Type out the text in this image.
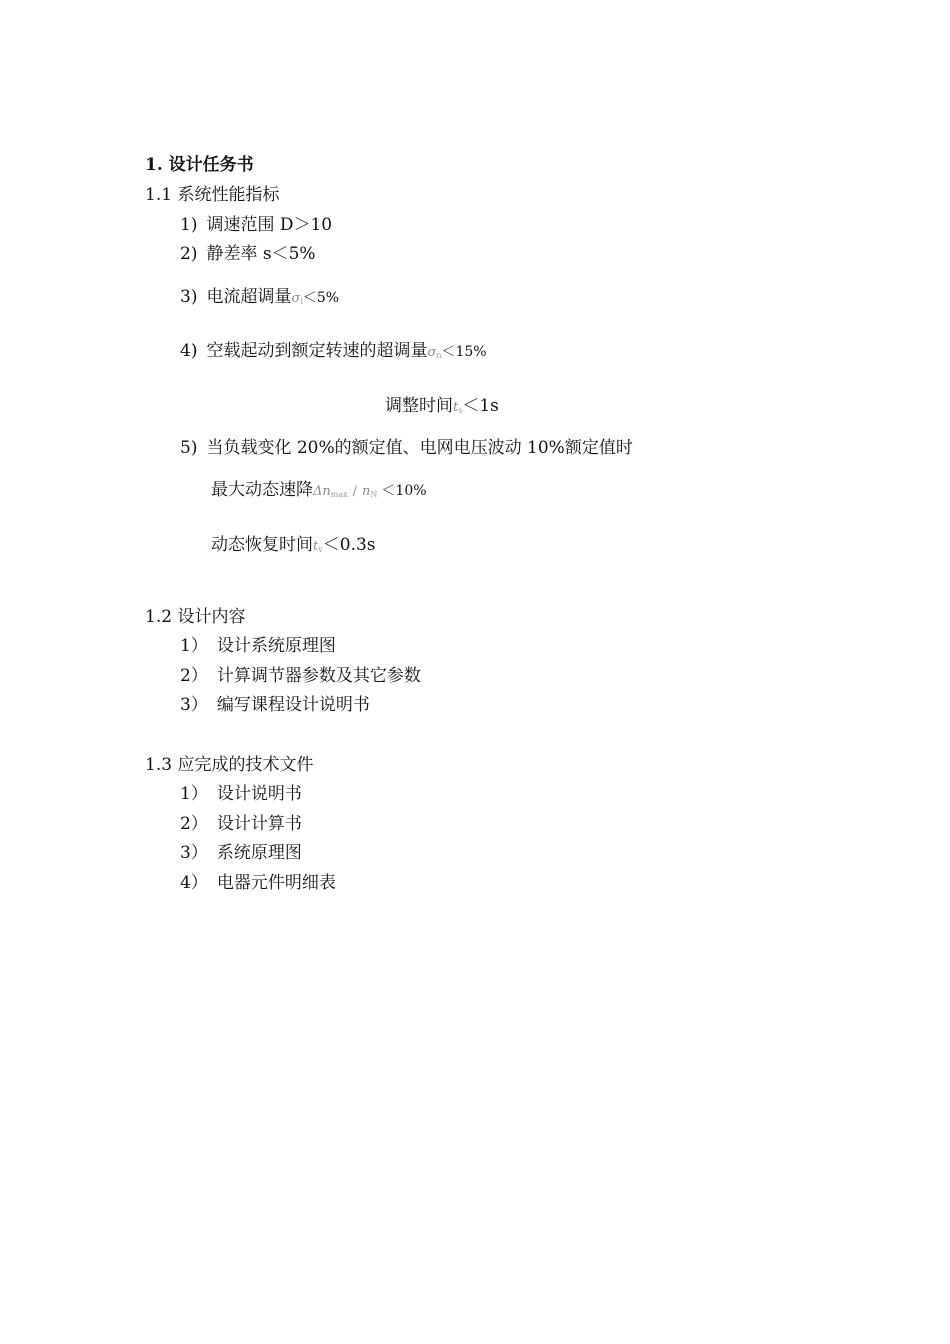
1. 设计任务书
1.1 系统性能指标
1) 调速范围 D＞10
2) 静差率 s＜5%
3) 电流超调量σi＜5%
4) 空载起动到额定转速的超调量σn＜15%
调整时间ts＜1s
5) 当负载变化 20%的额定值、电网电压波动 10%额定值时
最大动态速降Δnmax / nN ＜10%
动态恢复时间tv＜0.3s
1.2 设计内容
1） 设计系统原理图
2） 计算调节器参数及其它参数
3） 编写课程设计说明书
1.3 应完成的技术文件
1） 设计说明书
2） 设计计算书
3） 系统原理图
4） 电器元件明细表
